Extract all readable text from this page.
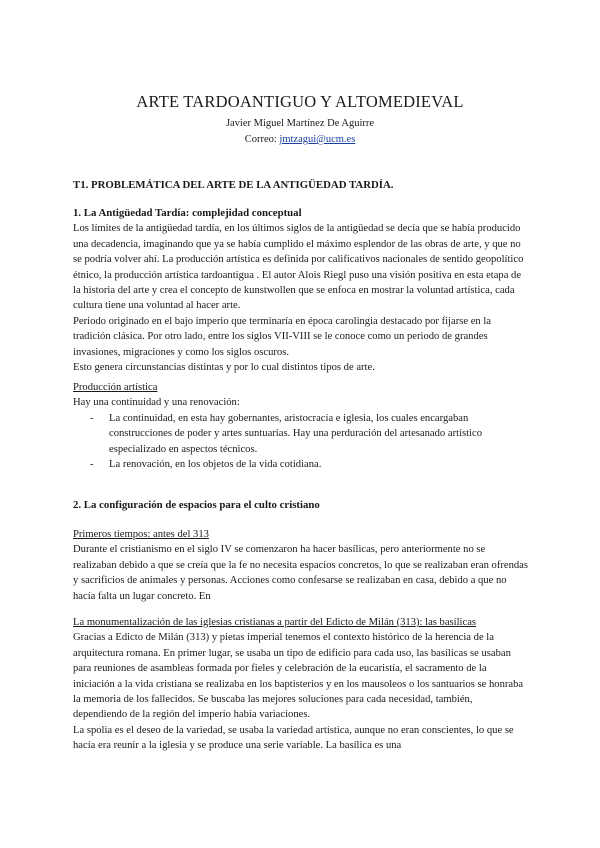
ARTE TARDOANTIGUO Y ALTOMEDIEVAL
Javier Miguel Martínez De Aguirre
Correo: jmtzagui@ucm.es
T1. PROBLEMÁTICA DEL ARTE DE LA ANTIGÜEDAD TARDÍA.

1. La Antigüedad Tardía: complejidad conceptual

Los límites de la antigüedad tardía, en los últimos siglos de la antigüedad se decía que se había producido una decadencia, imaginando que ya se había cumplido el máximo esplendor de las obras de arte, y que no se podría volver ahí. La producción artística es definida por calificativos nacionales de sentido geopolítico étnico, la producción artística tardoantigua . El autor Alois Riegl puso una visión positiva en esta etapa de la historia del arte y crea el concepto de kunstwollen que se enfoca en mostrar la voluntad artística, cada cultura tiene una voluntad al hacer arte.

Periodo originado en el bajo imperio que terminaría en época carolingia destacado por fijarse en la tradición clásica. Por otro lado, entre los siglos VII-VIII se le conoce como un periodo de grandes invasiones, migraciones y como los siglos oscuros.

Esto genera circunstancias distintas y por lo cual distintos tipos de arte.

Producción artística

Hay una continuidad y una renovación:

- La continuidad, en esta hay gobernantes, aristocracia e iglesia, los cuales encargaban construcciones de poder y artes suntuarias. Hay una perduración del artesanado artístico especializado en aspectos técnicos.
- La renovación, en los objetos de la vida cotidiana.
2. La configuración de espacios para el culto cristiano

Primeros tiempos: antes del 313

Durante el cristianismo en el siglo IV se comenzaron ha hacer basílicas, pero anteriormente no se realizaban debido a que se creía que la fe no necesita espacios concretos, lo que se realizaban eran ofrendas y sacrificios de animales y personas. Acciones como confesarse se realizaban en casa, debido a que no hacía falta un lugar concreto. En

La monumentalización de las iglesias cristianas a partir del Edicto de Milán (313): las basílicas

Gracias a Edicto de Milán (313) y pietas imperial tenemos el contexto histórico de la herencia de la arquitectura romana. En primer lugar, se usaba un tipo de edificio para cada uso, las basílicas se usaban para reuniones de asambleas formada por fieles y celebración de la eucaristía, el sacramento de la iniciación a la vida cristiana se realizaba en los baptisterios y en los mausoleos o los santuarios se honraba la memoria de los fallecidos. Se buscaba las mejores soluciones para cada necesidad, también, dependiendo de la región del imperio había variaciones.

La spolia es el deseo de la variedad, se usaba la variedad artística, aunque no eran conscientes, lo que se hacía era reunir a la iglesia y se produce una serie variable. La basílica es una
